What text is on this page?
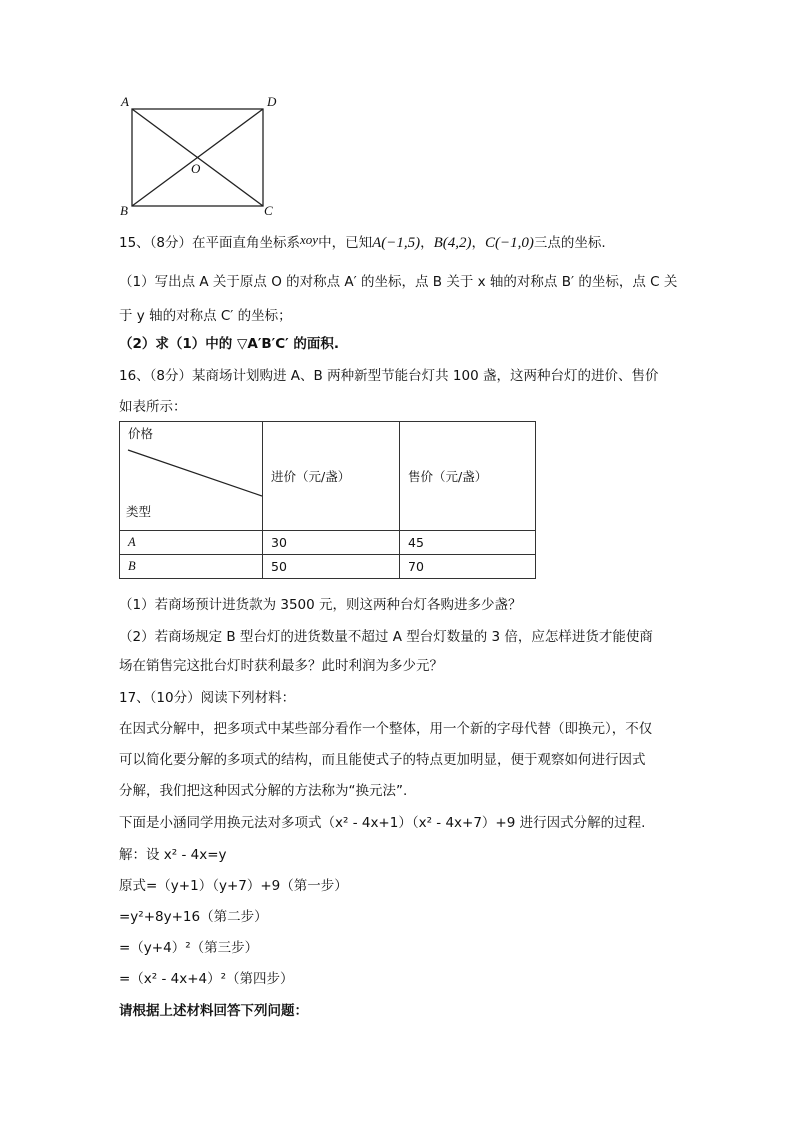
A	D
O
B	C
15、（8分）在平面直角坐标系xoy中，已知A(−1,5)，B(4,2)，C(−1,0)三点的坐标.
（1）写出点 A 关于原点 O 的对称点 A′ 的坐标，点 B 关于 x 轴的对称点 B′ 的坐标，点 C 关
于 y 轴的对称点 C′ 的坐标；
（2）求（1）中的 ▽A′B′C′ 的面积.
16、（8分）某商场计划购进 A、B 两种新型节能台灯共 100 盏，这两种台灯的进价、售价
如表所示：
价格
类型	进价（元/盏）	售价（元/盏）
A	30	45
B	50	70
（1）若商场预计进货款为 3500 元，则这两种台灯各购进多少盏？
（2）若商场规定 B 型台灯的进货数量不超过 A 型台灯数量的 3 倍，应怎样进货才能使商
场在销售完这批台灯时获利最多？此时利润为多少元？
17、（10分）阅读下列材料：
在因式分解中，把多项式中某些部分看作一个整体，用一个新的字母代替（即换元），不仅
可以简化要分解的多项式的结构，而且能使式子的特点更加明显，便于观察如何进行因式
分解，我们把这种因式分解的方法称为“换元法”.
下面是小涵同学用换元法对多项式（x² - 4x+1）（x² - 4x+7）+9 进行因式分解的过程.
解：设 x² - 4x=y
原式=（y+1）（y+7）+9（第一步）
=y²+8y+16（第二步）
=（y+4）²（第三步）
=（x² - 4x+4）²（第四步）
请根据上述材料回答下列问题：
